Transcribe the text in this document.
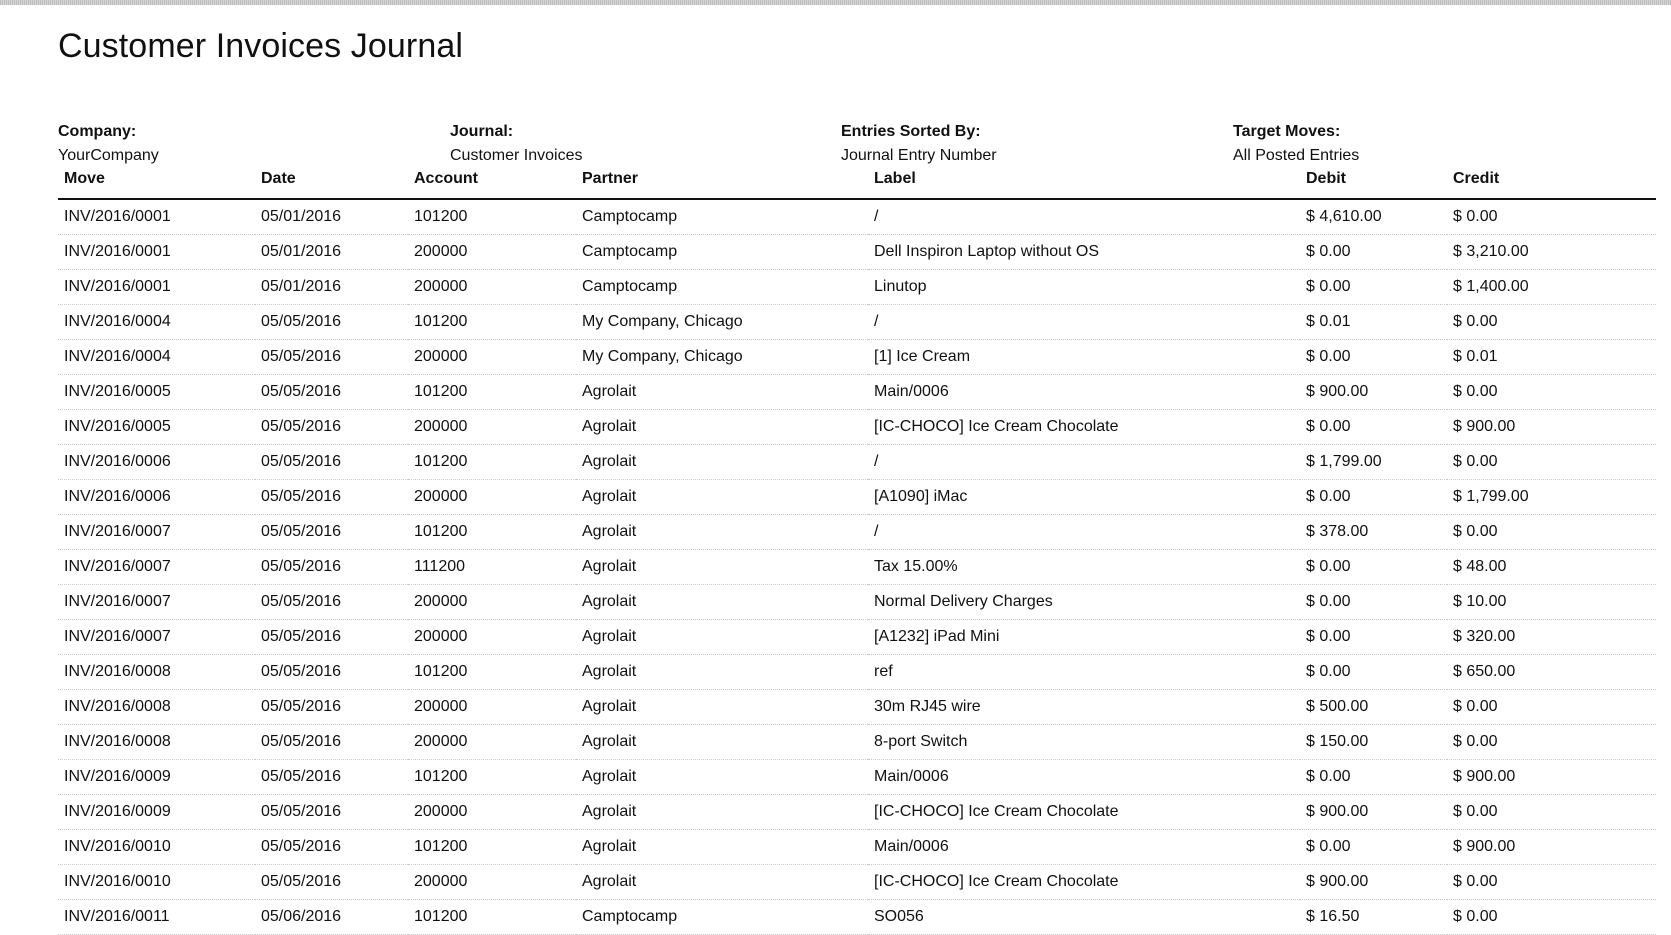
Customer Invoices Journal
Company:
YourCompany
Journal:
Customer Invoices
Entries Sorted By:
Journal Entry Number
Target Moves:
All Posted Entries
Move	Date	Account	Partner	Label	Debit	Credit
INV/2016/0001	05/01/2016	101200	Camptocamp	/	$ 4,610.00	$ 0.00
INV/2016/0001	05/01/2016	200000	Camptocamp	Dell Inspiron Laptop without OS	$ 0.00	$ 3,210.00
INV/2016/0001	05/01/2016	200000	Camptocamp	Linutop	$ 0.00	$ 1,400.00
INV/2016/0004	05/05/2016	101200	My Company, Chicago	/	$ 0.01	$ 0.00
INV/2016/0004	05/05/2016	200000	My Company, Chicago	[1] Ice Cream	$ 0.00	$ 0.01
INV/2016/0005	05/05/2016	101200	Agrolait	Main/0006	$ 900.00	$ 0.00
INV/2016/0005	05/05/2016	200000	Agrolait	[IC-CHOCO] Ice Cream Chocolate	$ 0.00	$ 900.00
INV/2016/0006	05/05/2016	101200	Agrolait	/	$ 1,799.00	$ 0.00
INV/2016/0006	05/05/2016	200000	Agrolait	[A1090] iMac	$ 0.00	$ 1,799.00
INV/2016/0007	05/05/2016	101200	Agrolait	/	$ 378.00	$ 0.00
INV/2016/0007	05/05/2016	111200	Agrolait	Tax 15.00%	$ 0.00	$ 48.00
INV/2016/0007	05/05/2016	200000	Agrolait	Normal Delivery Charges	$ 0.00	$ 10.00
INV/2016/0007	05/05/2016	200000	Agrolait	[A1232] iPad Mini	$ 0.00	$ 320.00
INV/2016/0008	05/05/2016	101200	Agrolait	ref	$ 0.00	$ 650.00
INV/2016/0008	05/05/2016	200000	Agrolait	30m RJ45 wire	$ 500.00	$ 0.00
INV/2016/0008	05/05/2016	200000	Agrolait	8-port Switch	$ 150.00	$ 0.00
INV/2016/0009	05/05/2016	101200	Agrolait	Main/0006	$ 0.00	$ 900.00
INV/2016/0009	05/05/2016	200000	Agrolait	[IC-CHOCO] Ice Cream Chocolate	$ 900.00	$ 0.00
INV/2016/0010	05/05/2016	101200	Agrolait	Main/0006	$ 0.00	$ 900.00
INV/2016/0010	05/05/2016	200000	Agrolait	[IC-CHOCO] Ice Cream Chocolate	$ 900.00	$ 0.00
INV/2016/0011	05/06/2016	101200	Camptocamp	SO056	$ 16.50	$ 0.00
